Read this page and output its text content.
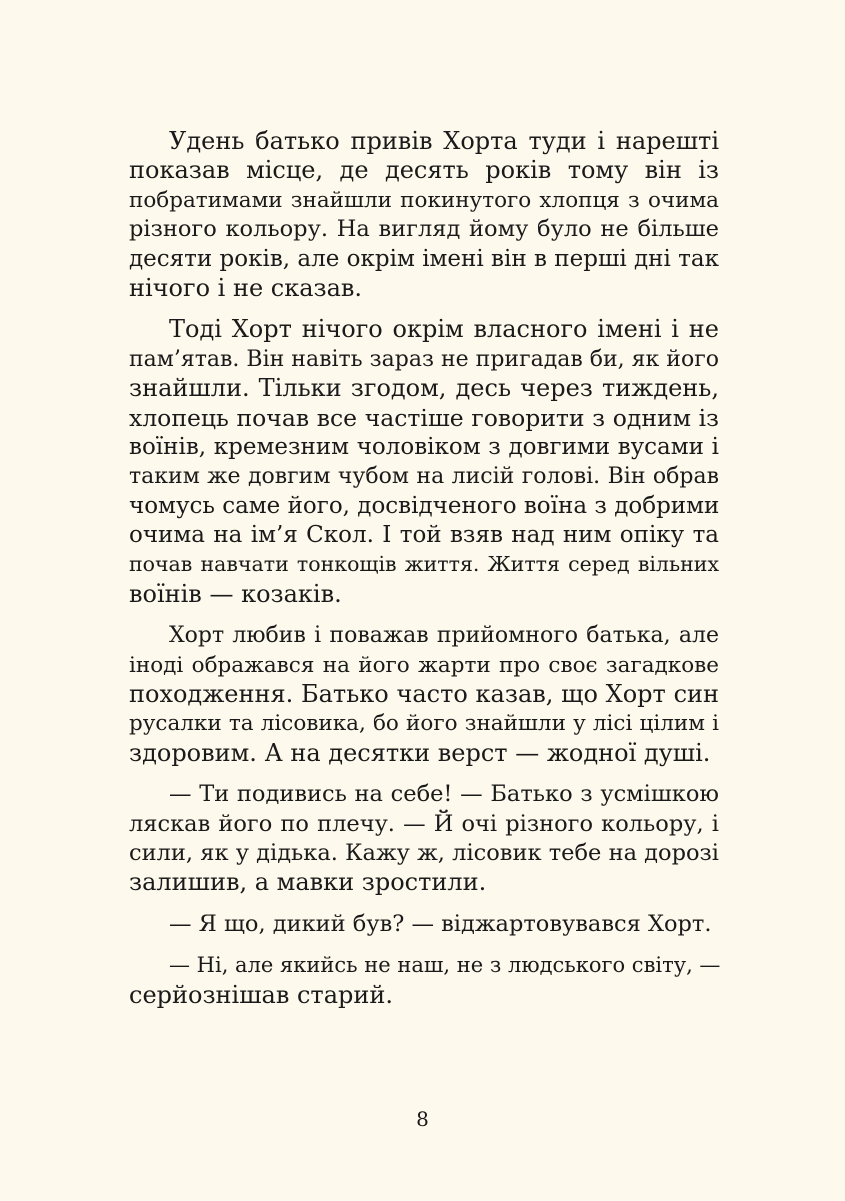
Удень батько привів Хорта туди і нарешті
показав місце, де десять років тому він із
побратимами знайшли покинутого хлопця з очима
різного кольору. На вигляд йому було не більше
десяти років, але окрім імені він в перші дні так
нічого і не сказав.

Тоді Хорт нічого окрім власного імені і не
пам’ятав. Він навіть зараз не пригадав би, як його
знайшли. Тільки згодом, десь через тиждень,
хлопець почав все частіше говорити з одним із
воїнів, кремезним чоловіком з довгими вусами і
таким же довгим чубом на лисій голові. Він обрав
чомусь саме його, досвідченого воїна з добрими
очима на ім’я Скол. І той взяв над ним опіку та
почав навчати тонкощів життя. Життя серед вільних
воїнів — козаків.

Хорт любив і поважав прийомного батька, але
іноді ображався на його жарти про своє загадкове
походження. Батько часто казав, що Хорт син
русалки та лісовика, бо його знайшли у лісі цілим і
здоровим. А на десятки верст — жодної душі.

— Ти подивись на себе! — Батько з усмішкою
ляскав його по плечу. — Й очі різного кольору, і
сили, як у дідька. Кажу ж, лісовик тебе на дорозі
залишив, а мавки зростили.

— Я що, дикий був? — віджартовувався Хорт.

— Ні, але якийсь не наш, не з людського світу, —
серйознішав старий.

8
